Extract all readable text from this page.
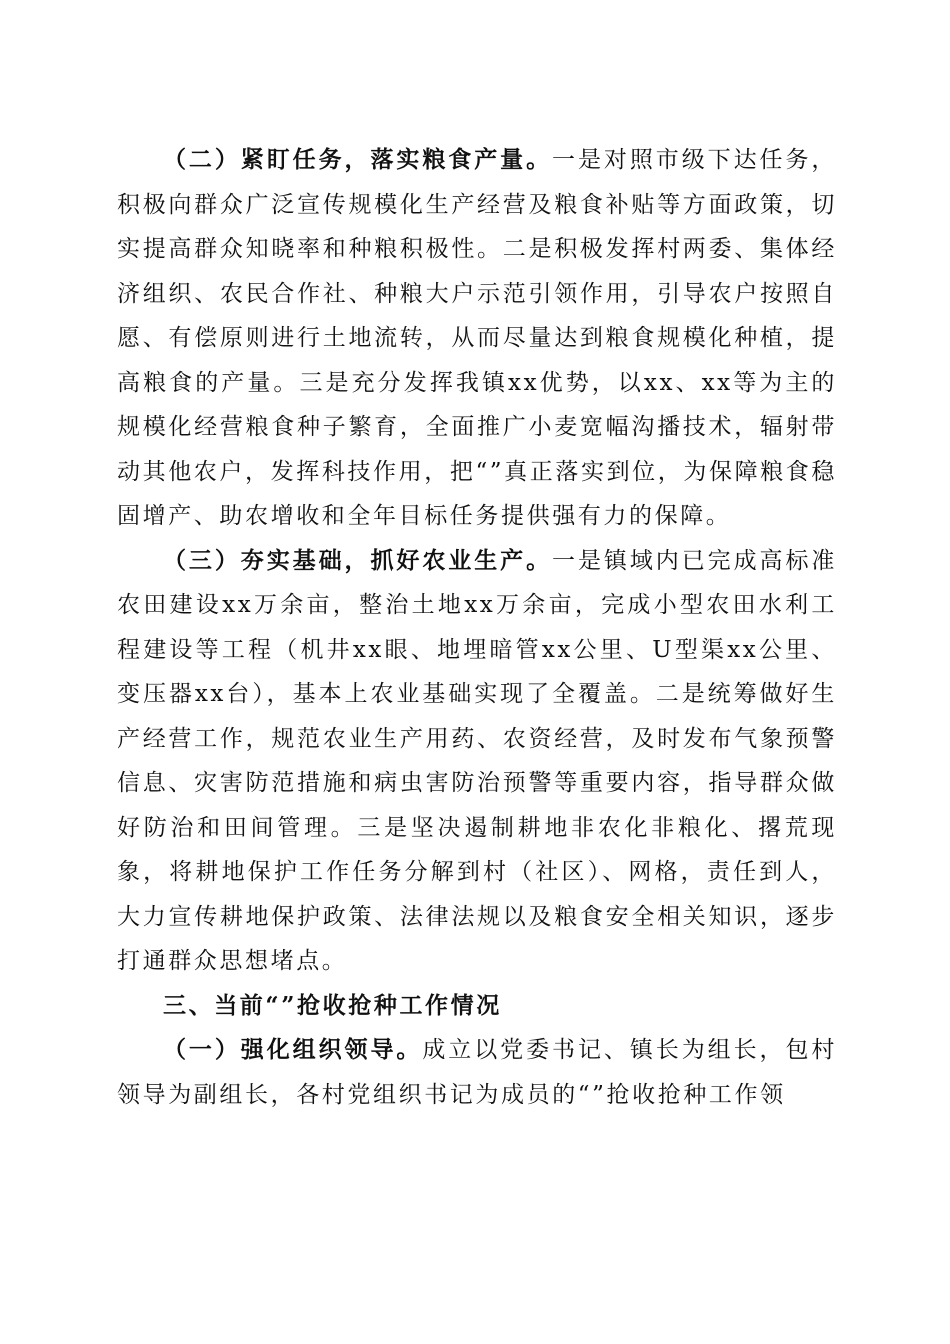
（二）紧盯任务，落实粮食产量。一是对照市级下达任务，积极向群众广泛宣传规模化生产经营及粮食补贴等方面政策，切实提高群众知晓率和种粮积极性。二是积极发挥村两委、集体经济组织、农民合作社、种粮大户示范引领作用，引导农户按照自愿、有偿原则进行土地流转，从而尽量达到粮食规模化种植，提高粮食的产量。三是充分发挥我镇xx优势，以xx、xx等为主的规模化经营粮食种子繁育，全面推广小麦宽幅沟播技术，辐射带动其他农户，发挥科技作用，把“”真正落实到位，为保障粮食稳固增产、助农增收和全年目标任务提供强有力的保障。

（三）夯实基础，抓好农业生产。一是镇域内已完成高标准农田建设xx万余亩，整治土地xx万余亩，完成小型农田水利工程建设等工程（机井xx眼、地埋暗管xx公里、U型渠xx公里、变压器xx台），基本上农业基础实现了全覆盖。二是统筹做好生产经营工作，规范农业生产用药、农资经营，及时发布气象预警信息、灾害防范措施和病虫害防治预警等重要内容，指导群众做好防治和田间管理。三是坚决遏制耕地非农化非粮化、撂荒现象，将耕地保护工作任务分解到村（社区）、网格，责任到人，大力宣传耕地保护政策、法律法规以及粮食安全相关知识，逐步打通群众思想堵点。

三、当前“”抢收抢种工作情况

（一）强化组织领导。成立以党委书记、镇长为组长，包村领导为副组长，各村党组织书记为成员的“”抢收抢种工作领
